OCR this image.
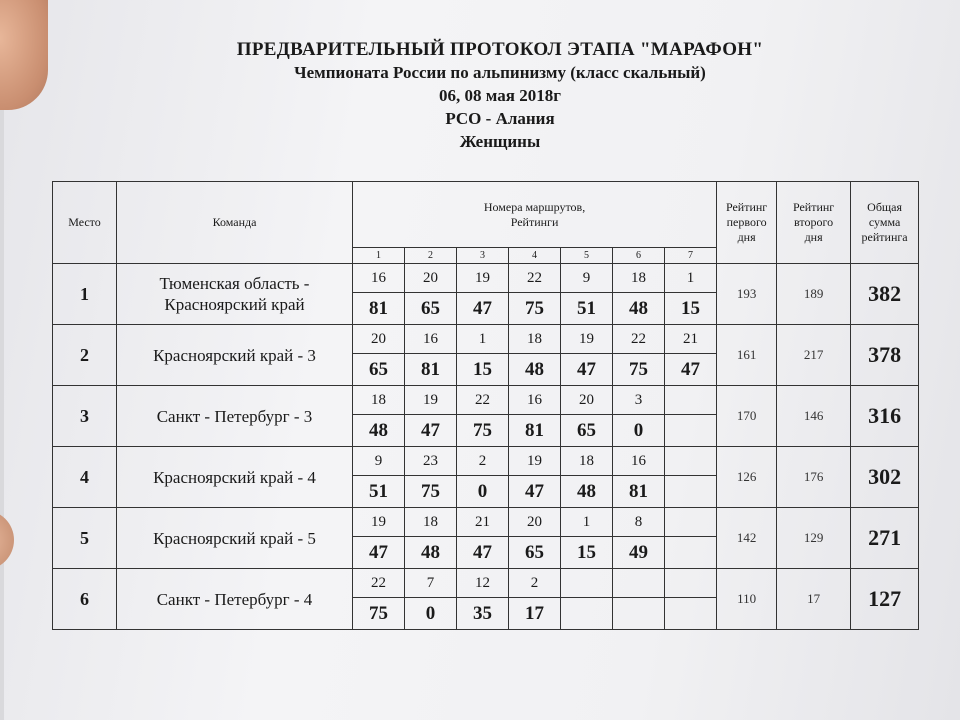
ПРЕДВАРИТЕЛЬНЫЙ ПРОТОКОЛ ЭТАПА "МАРАФОН"
Чемпионата России по альпинизму (класс скальный)
06, 08 мая 2018г
РСО - Алания
Женщины
Место	Команда	Номера маршрутов,
Рейтинги							Рейтинг
первого
дня	Рейтинг
второго
дня	Общая
сумма
рейтинга
		1	2	3	4	5	6	7			
1	Тюменская область -
Красноярский край	16	20	19	22	9	18	1	193	189	382
		81	65	47	75	51	48	15			
2	Красноярский край - 3	20	16	1	18	19	22	21	161	217	378
		65	81	15	48	47	75	47			
3	Санкт - Петербург - 3	18	19	22	16	20	3		170	146	316
		48	47	75	81	65	0				
4	Красноярский край - 4	9	23	2	19	18	16		126	176	302
		51	75	0	47	48	81				
5	Красноярский край - 5	19	18	21	20	1	8		142	129	271
		47	48	47	65	15	49				
6	Санкт - Петербург - 4	22	7	12	2				110	17	127
		75	0	35	17						
